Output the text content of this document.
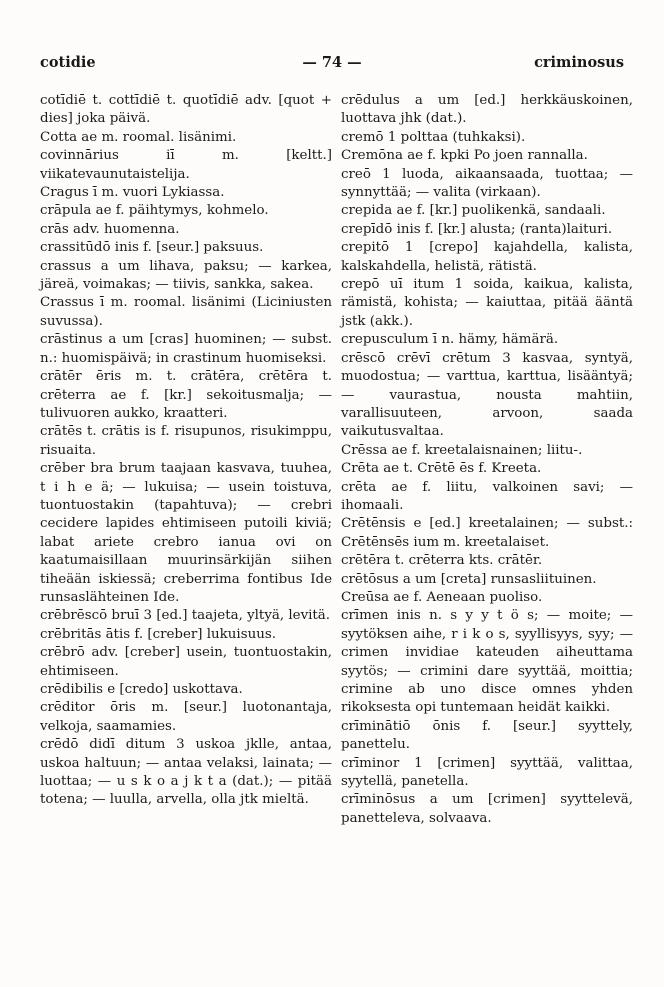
cotidie	— 74 —	criminosus

cotīdiē t. cottīdiē t. quotīdiē adv. [quot + dies] joka päivä.

Cotta ae m. roomal. lisänimi.

covinnārius iī m. [keltt.] viikatevaunutaistelija.

Cragus ī m. vuori Lykiassa.

crāpula ae f. päihtymys, kohmelo.

crās adv. huomenna.

crassitūdō inis f. [seur.] paksuus.

crassus a um lihava, paksu; — karkea, järeä, voimakas; — tiivis, sankka, sakea.

Crassus ī m. roomal. lisänimi (Liciniusten suvussa).

crāstinus a um [cras] huominen; — subst. n.: huomispäivä; in crastinum huomiseksi.

crātēr ēris m. t. crātēra, crētēra t. crēterra ae f. [kr.] sekoitusmalja; — tulivuoren aukko, kraatteri.

crātēs t. crātis is f. risupunos, risukimppu, risuaita.

crēber bra brum taajaan kasvava, tuuhea, t i h e ä; — lukuisa; — usein toistuva, tuontuostakin (tapahtuva); — crebri cecidere lapides ehtimiseen putoili kiviä; labat ariete crebro ianua ovi on kaatumaisillaan muurinsärkijän siihen tiheään iskiessä; creberrima fontibus Ide runsaslähteinen Ide.

crēbrēscō bruī 3 [ed.] taajeta, yltyä, levitä.

crēbritās ātis f. [creber] lukuisuus.

crēbrō adv. [creber] usein, tuontuostakin, ehtimiseen.

crēdibilis e [credo] uskottava.

crēditor ōris m. [seur.] luotonantaja, velkoja, saamamies.

crēdō didī ditum 3 uskoa jklle, antaa, uskoa haltuun; — antaa velaksi, lainata; — luottaa; — u s k o a j k t a (dat.); — pitää totena; — luulla, arvella, olla jtk mieltä.

crēdulus a um [ed.] herkkäuskoinen, luottava jhk (dat.).

cremō 1 polttaa (tuhkaksi).

Cremōna ae f. kpki Po joen rannalla.

creō 1 luoda, aikaansaada, tuottaa; — synnyttää; — valita (virkaan).

crepida ae f. [kr.] puolikenkä, sandaali.

crepīdō inis f. [kr.] alusta; (ranta)laituri.

crepitō 1 [crepo] kajahdella, kalista, kalskahdella, helistä, rätistä.

crepō uī itum 1 soida, kaikua, kalista, rämistä, kohista; — kaiuttaa, pitää ääntä jstk (akk.).

crepusculum ī n. hämy, hämärä.

crēscō crēvī crētum 3 kasvaa, syntyä, muodostua; — varttua, karttua, lisääntyä; — vaurastua, nousta mahtiin, varallisuuteen, arvoon, saada vaikutusvaltaa.

Crēssa ae f. kreetalaisnainen; liitu-.

Crēta ae t. Crētē ēs f. Kreeta.

crēta ae f. liitu, valkoinen savi; — ihomaali.

Crētēnsis e [ed.] kreetalainen; — subst.: Crētēnsēs ium m. kreetalaiset.

crētēra t. crēterra kts. crātēr.

crētōsus a um [creta] runsasliituinen.

Creūsa ae f. Aeneaan puoliso.

crīmen inis n. s y y t ö s; — moite; — syytöksen aihe, r i k o s, syyllisyys, syy; — crimen invidiae kateuden aiheuttama syytös; — crimini dare syyttää, moittia; crimine ab uno disce omnes yhden rikoksesta opi tuntemaan heidät kaikki.

crīminātiō ōnis f. [seur.] syyttely, panettelu.

crīminor 1 [crimen] syyttää, valittaa, syytellä, panetella.

crīminōsus a um [crimen] syyttelevä, panetteleva, solvaava.
